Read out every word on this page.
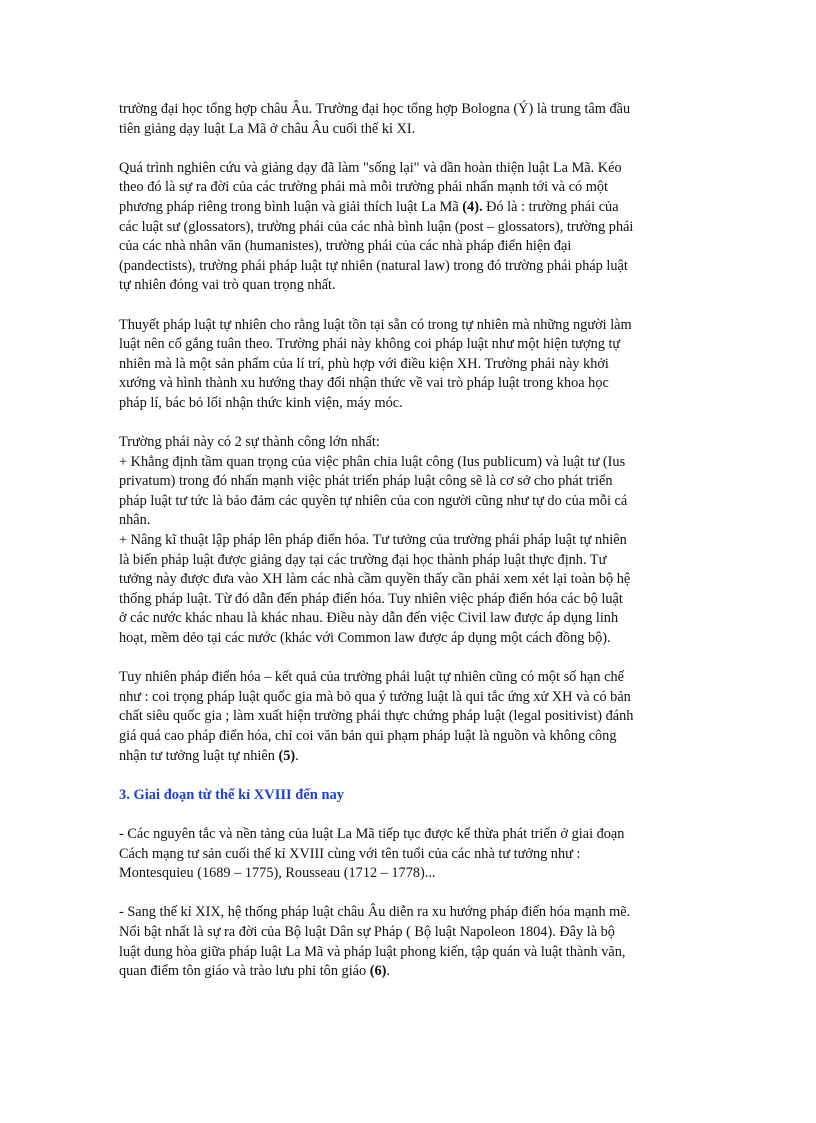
trường đại học tổng hợp châu Âu. Trường đại học tổng hợp Bologna (Ý) là trung tâm đầu
tiên giảng dạy luật La Mã ở châu Âu cuối thế kỉ XI.

Quá trình nghiên cứu và giảng dạy đã làm "sống lại" và dần hoàn thiện luật La Mã. Kéo
theo đó là sự ra đời của các trường phái mà mỗi trường phái nhấn mạnh tới và có một
phương pháp riêng trong bình luận và giải thích luật La Mã (4). Đó là : trường phái của
các luật sư (glossators), trường phái của các nhà bình luận (post – glossators), trường phái
của các nhà nhân văn (humanistes), trường phái của các nhà pháp điển hiện đại
(pandectists), trường phái pháp luật tự nhiên (natural law) trong đó trường phái pháp luật
tự nhiên đóng vai trò quan trọng nhất.

Thuyết pháp luật tự nhiên cho rằng luật tồn tại sẵn có trong tự nhiên mà những người làm
luật nên cố gắng tuân theo. Trường phái này không coi pháp luật như một hiện tượng tự
nhiên mà là một sản phẩm của lí trí, phù hợp với điều kiện XH. Trường phái này khởi
xướng và hình thành xu hướng thay đổi nhận thức về vai trò pháp luật trong khoa học
pháp lí, bác bỏ lối nhận thức kinh viện, máy móc.

Trường phái này có 2 sự thành công lớn nhất:
+ Khẳng định tầm quan trọng của việc phân chia luật công (Ius publicum) và luật tư (Ius
privatum) trong đó nhấn mạnh việc phát triển pháp luật công sẽ là cơ sở cho phát triển
pháp luật tư tức là bảo đảm các quyền tự nhiên của con người cũng như tự do của mỗi cá
nhân.
+ Nâng kĩ thuật lập pháp lên pháp điển hóa. Tư tưởng của trường phái pháp luật tự nhiên
là biến pháp luật được giảng dạy tại các trường đại học thành pháp luật thực định. Tư
tưởng này được đưa vào XH làm các nhà cầm quyền thấy cần phải xem xét lại toàn bộ hệ
thống pháp luật. Từ đó dẫn đến pháp điển hóa. Tuy nhiên việc pháp điển hóa các bộ luật
ở các nước khác nhau là khác nhau. Điều này dẫn đến việc Civil law được áp dụng linh
hoạt, mềm dẻo tại các nước (khác với Common law được áp dụng một cách đồng bộ).

Tuy nhiên pháp điển hóa – kết quả của trường phái luật tự nhiên cũng có một số hạn chế
như : coi trọng pháp luật quốc gia mà bỏ qua ý tưởng luật là qui tắc ứng xử XH và có bản
chất siêu quốc gia ; làm xuất hiện trường phái thực chứng pháp luật (legal positivist) đánh
giá quá cao pháp điển hóa, chỉ coi văn bản qui phạm pháp luật là nguồn và không công
nhận tư tưởng luật tự nhiên (5).

3. Giai đoạn từ thế kỉ XVIII đến nay

- Các nguyên tắc và nền tảng của luật La Mã tiếp tục được kế thừa phát triển ở giai đoạn
Cách mạng tư sản cuối thế kỉ XVIII cùng với tên tuổi của các nhà tư tưởng như :
Montesquieu (1689 – 1775), Rousseau (1712 – 1778)...

- Sang thế kỉ XIX, hệ thống pháp luật châu Âu diễn ra xu hướng pháp điển hóa mạnh mẽ.
Nổi bật nhất là sự ra đời của Bộ luật Dân sự Pháp ( Bộ luật Napoleon 1804). Đây là bộ
luật dung hòa giữa pháp luật La Mã và pháp luật phong kiến, tập quán và luật thành văn,
quan điểm tôn giáo và trào lưu phi tôn giáo (6).
